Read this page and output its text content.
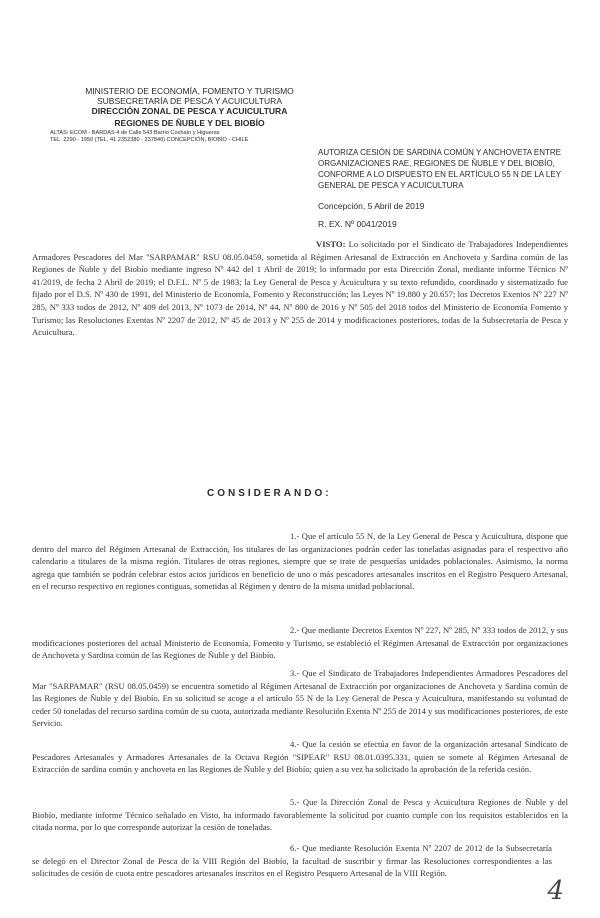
MINISTERIO DE ECONOMÍA, FOMENTO Y TURISMO
SUBSECRETARÍA DE PESCA Y ACUICULTURA
DIRECCIÓN ZONAL DE PESCA Y ACUICULTURA
REGIONES DE ÑUBLE Y DEL BIOBÍO
ALTAS: ECOM - BARDAS 4 de Calle 543 Barrio Cochaín y Higueras
TEL: 2290 - 1950 (TEL. 41 2352380 - 237840) CONCEPCIÓN, BIOBÍO - CHILE
AUTORIZA CESIÓN DE SARDINA COMÚN Y ANCHOVETA ENTRE ORGANIZACIONES RAE, REGIONES DE ÑUBLE Y DEL BIOBÍO, CONFORME A LO DISPUESTO EN EL ARTÍCULO 55 N DE LA LEY GENERAL DE PESCA Y ACUICULTURA
Concepción, 5 Abril de 2019
R. EX. Nº 0041/2019
VISTO: Lo solicitado por el Sindicato de Trabajadores Independientes Armadores Pescadores del Mar "SARPAMAR" RSU 08.05.0459, sometida al Régimen Artesanal de Extracción en Anchoveta y Sardina común de las Regiones de Ñuble y del Biobío mediante ingreso Nº 442 del 1 Abril de 2019; lo informado por esta Dirección Zonal, mediante informe Técnico Nº 41/2019, de fecha 2 Abril de 2019; el D.F.L. Nº 5 de 1983; la Ley General de Pesca y Acuicultura y su texto refundido, coordinado y sistematizado fue fijado por el D.S. Nº 430 de 1991, del Ministerio de Economía, Fomento y Reconstrucción; las Leyes Nº 19.880 y 20.657; los Decretos Exentos Nº 227 Nº 285, Nº 333 todos de 2012, Nº 409 del 2013, Nº 1073 de 2014, Nº 44, Nº 800 de 2016 y Nº 505 del 2018 todos del Ministerio de Economía Fomento y Turismo; las Resoluciones Exentas Nº 2207 de 2012, Nº 45 de 2013 y Nº 255 de 2014 y modificaciones posteriores, todas de la Subsecretaría de Pesca y Acuicultura.
CONSIDERANDO:
1.- Que el artículo 55 N, de la Ley General de Pesca y Acuicultura, dispone que dentro del marco del Régimen Artesanal de Extracción, los titulares de las organizaciones podrán ceder las toneladas asignadas para el respectivo año calendario a titulares de la misma región. Titulares de otras regiones, siempre que se trate de pesquerías unidades poblacionales. Asimismo, la norma agrega que también se podrán celebrar estos actos jurídicos en beneficio de uno o más pescadores artesanales inscritos en el Registro Pesquero Artesanal, en el recurso respectivo en regiones contiguas, sometidas al Régimen y dentro de la misma unidad poblacional.
2.- Que mediante Decretos Exentos Nº 227, Nº 285, Nº 333 todos de 2012, y sus modificaciones posteriores del actual Ministerio de Economía, Fomento y Turismo, se estableció el Régimen Artesanal de Extracción por organizaciones de Anchoveta y Sardina común de las Regiones de Ñuble y del Biobío.
3.- Que el Sindicato de Trabajadores Independientes Armadores Pescadores del Mar "SARPAMAR" (RSU 08.05.0459) se encuentra sometido al Régimen Artesanal de Extracción por organizaciones de Anchoveta y Sardina común de las Regiones de Ñuble y del Biobío. En su solicitud se acoge a el artículo 55 N de la Ley General de Pesca y Acuicultura, manifestando su voluntad de ceder 50 toneladas del recurso sardina común de su cuota, autorizada mediante Resolución Exenta Nº 255 de 2014 y sus modificaciones posteriores, de este Servicio.
4.- Que la cesión se efectúa en favor de la organización artesanal Sindicato de Pescadores Artesanales y Armadores Artesanales de la Octava Región "SIPEAR" RSU 08.01.0395.331, quien se somete al Régimen Artesanal de Extracción de sardina común y anchoveta en las Regiones de Ñuble y del Biobío; quien a su vez ha solicitado la aprobación de la referida cesión.
5.- Que la Dirección Zonal de Pesca y Acuicultura Regiones de Ñuble y del Biobío, mediante informe Técnico señalado en Visto, ha informado favorablemente la solicitud por cuanto cumple con los requisitos establecidos en la citada norma, por lo que corresponde autorizar la cesión de toneladas.
6.- Que mediante Resolución Exenta Nº 2207 de 2012 de la Subsecretaría se delegó en el Director Zonal de Pesca de la VIII Región del Biobío, la facultad de suscribir y firmar las Resoluciones correspondientes a las solicitudes de cesión de cuota entre pescadores artesanales inscritos en el Registro Pesquero Artesanal de la VIII Región.
4
